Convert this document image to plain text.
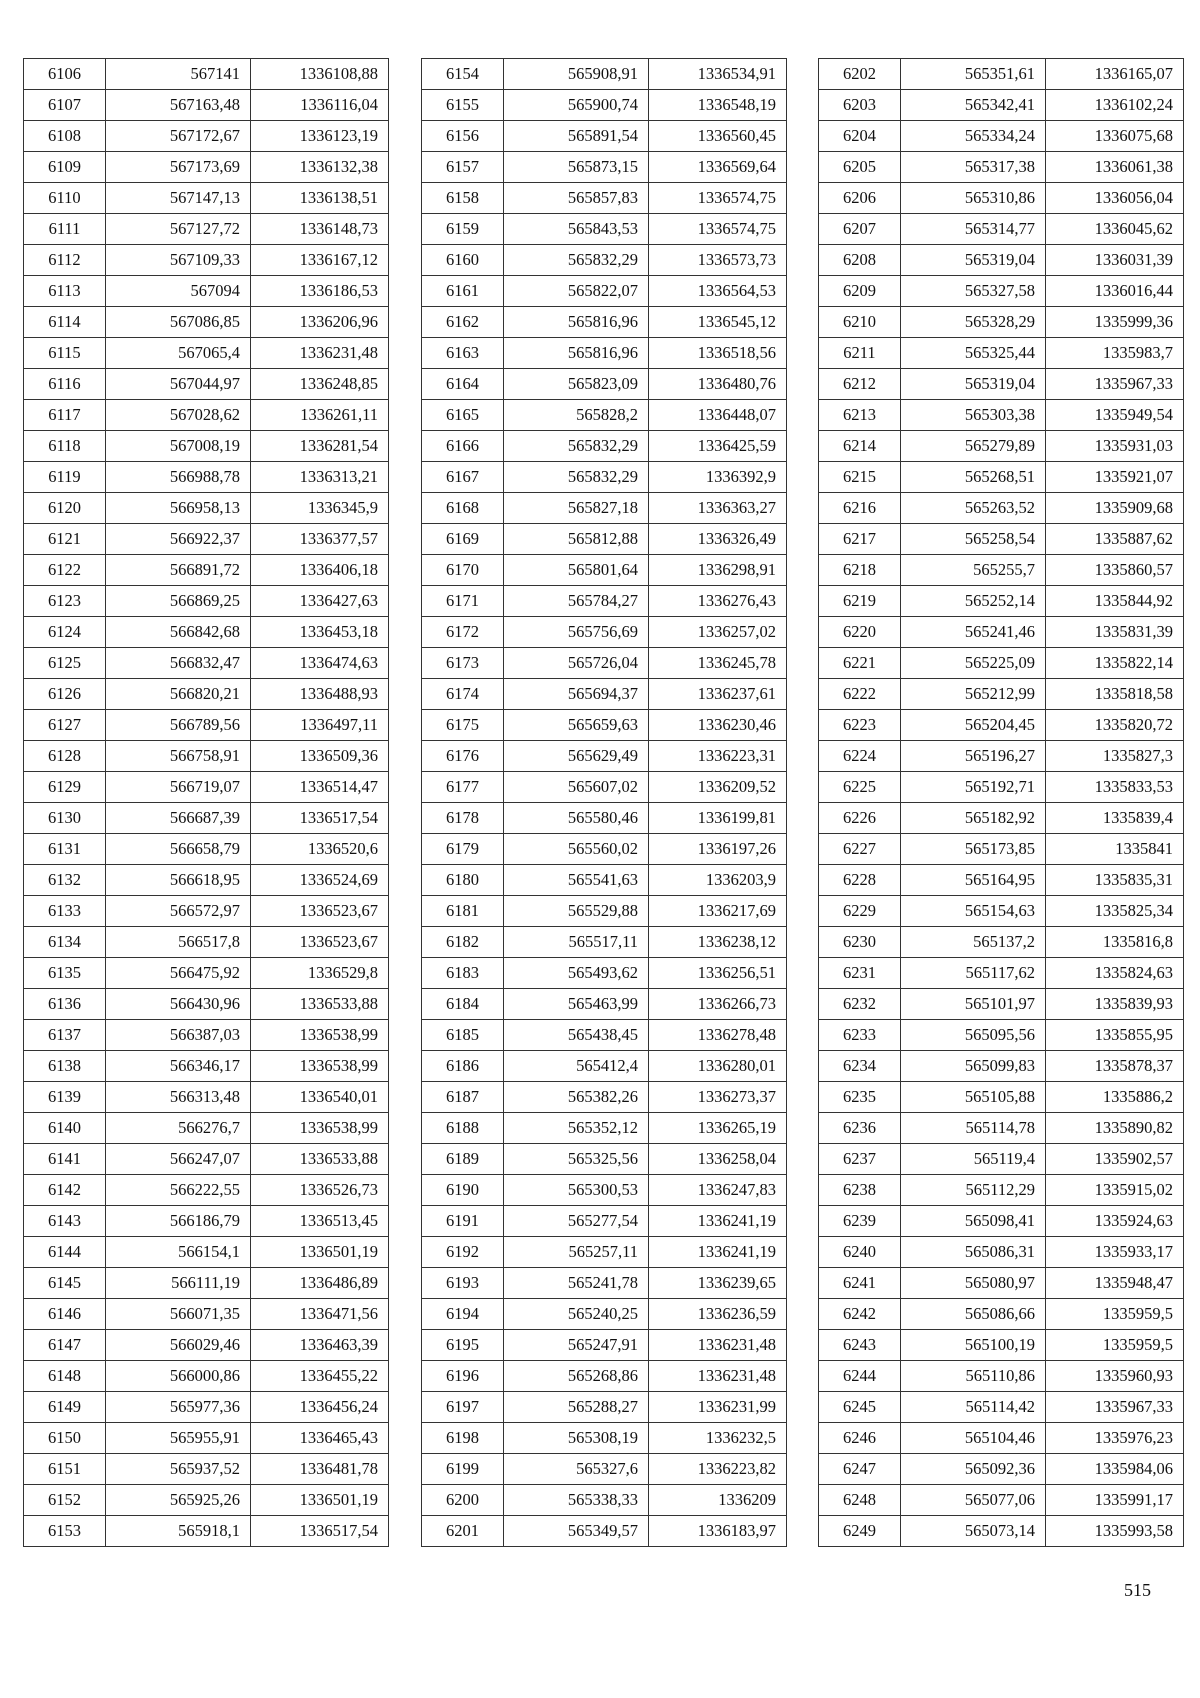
6106	567141	1336108,88
6107	567163,48	1336116,04
6108	567172,67	1336123,19
6109	567173,69	1336132,38
6110	567147,13	1336138,51
6111	567127,72	1336148,73
6112	567109,33	1336167,12
6113	567094	1336186,53
6114	567086,85	1336206,96
6115	567065,4	1336231,48
6116	567044,97	1336248,85
6117	567028,62	1336261,11
6118	567008,19	1336281,54
6119	566988,78	1336313,21
6120	566958,13	1336345,9
6121	566922,37	1336377,57
6122	566891,72	1336406,18
6123	566869,25	1336427,63
6124	566842,68	1336453,18
6125	566832,47	1336474,63
6126	566820,21	1336488,93
6127	566789,56	1336497,11
6128	566758,91	1336509,36
6129	566719,07	1336514,47
6130	566687,39	1336517,54
6131	566658,79	1336520,6
6132	566618,95	1336524,69
6133	566572,97	1336523,67
6134	566517,8	1336523,67
6135	566475,92	1336529,8
6136	566430,96	1336533,88
6137	566387,03	1336538,99
6138	566346,17	1336538,99
6139	566313,48	1336540,01
6140	566276,7	1336538,99
6141	566247,07	1336533,88
6142	566222,55	1336526,73
6143	566186,79	1336513,45
6144	566154,1	1336501,19
6145	566111,19	1336486,89
6146	566071,35	1336471,56
6147	566029,46	1336463,39
6148	566000,86	1336455,22
6149	565977,36	1336456,24
6150	565955,91	1336465,43
6151	565937,52	1336481,78
6152	565925,26	1336501,19
6153	565918,1	1336517,54
6154	565908,91	1336534,91
6155	565900,74	1336548,19
6156	565891,54	1336560,45
6157	565873,15	1336569,64
6158	565857,83	1336574,75
6159	565843,53	1336574,75
6160	565832,29	1336573,73
6161	565822,07	1336564,53
6162	565816,96	1336545,12
6163	565816,96	1336518,56
6164	565823,09	1336480,76
6165	565828,2	1336448,07
6166	565832,29	1336425,59
6167	565832,29	1336392,9
6168	565827,18	1336363,27
6169	565812,88	1336326,49
6170	565801,64	1336298,91
6171	565784,27	1336276,43
6172	565756,69	1336257,02
6173	565726,04	1336245,78
6174	565694,37	1336237,61
6175	565659,63	1336230,46
6176	565629,49	1336223,31
6177	565607,02	1336209,52
6178	565580,46	1336199,81
6179	565560,02	1336197,26
6180	565541,63	1336203,9
6181	565529,88	1336217,69
6182	565517,11	1336238,12
6183	565493,62	1336256,51
6184	565463,99	1336266,73
6185	565438,45	1336278,48
6186	565412,4	1336280,01
6187	565382,26	1336273,37
6188	565352,12	1336265,19
6189	565325,56	1336258,04
6190	565300,53	1336247,83
6191	565277,54	1336241,19
6192	565257,11	1336241,19
6193	565241,78	1336239,65
6194	565240,25	1336236,59
6195	565247,91	1336231,48
6196	565268,86	1336231,48
6197	565288,27	1336231,99
6198	565308,19	1336232,5
6199	565327,6	1336223,82
6200	565338,33	1336209
6201	565349,57	1336183,97
6202	565351,61	1336165,07
6203	565342,41	1336102,24
6204	565334,24	1336075,68
6205	565317,38	1336061,38
6206	565310,86	1336056,04
6207	565314,77	1336045,62
6208	565319,04	1336031,39
6209	565327,58	1336016,44
6210	565328,29	1335999,36
6211	565325,44	1335983,7
6212	565319,04	1335967,33
6213	565303,38	1335949,54
6214	565279,89	1335931,03
6215	565268,51	1335921,07
6216	565263,52	1335909,68
6217	565258,54	1335887,62
6218	565255,7	1335860,57
6219	565252,14	1335844,92
6220	565241,46	1335831,39
6221	565225,09	1335822,14
6222	565212,99	1335818,58
6223	565204,45	1335820,72
6224	565196,27	1335827,3
6225	565192,71	1335833,53
6226	565182,92	1335839,4
6227	565173,85	1335841
6228	565164,95	1335835,31
6229	565154,63	1335825,34
6230	565137,2	1335816,8
6231	565117,62	1335824,63
6232	565101,97	1335839,93
6233	565095,56	1335855,95
6234	565099,83	1335878,37
6235	565105,88	1335886,2
6236	565114,78	1335890,82
6237	565119,4	1335902,57
6238	565112,29	1335915,02
6239	565098,41	1335924,63
6240	565086,31	1335933,17
6241	565080,97	1335948,47
6242	565086,66	1335959,5
6243	565100,19	1335959,5
6244	565110,86	1335960,93
6245	565114,42	1335967,33
6246	565104,46	1335976,23
6247	565092,36	1335984,06
6248	565077,06	1335991,17
6249	565073,14	1335993,58
515
